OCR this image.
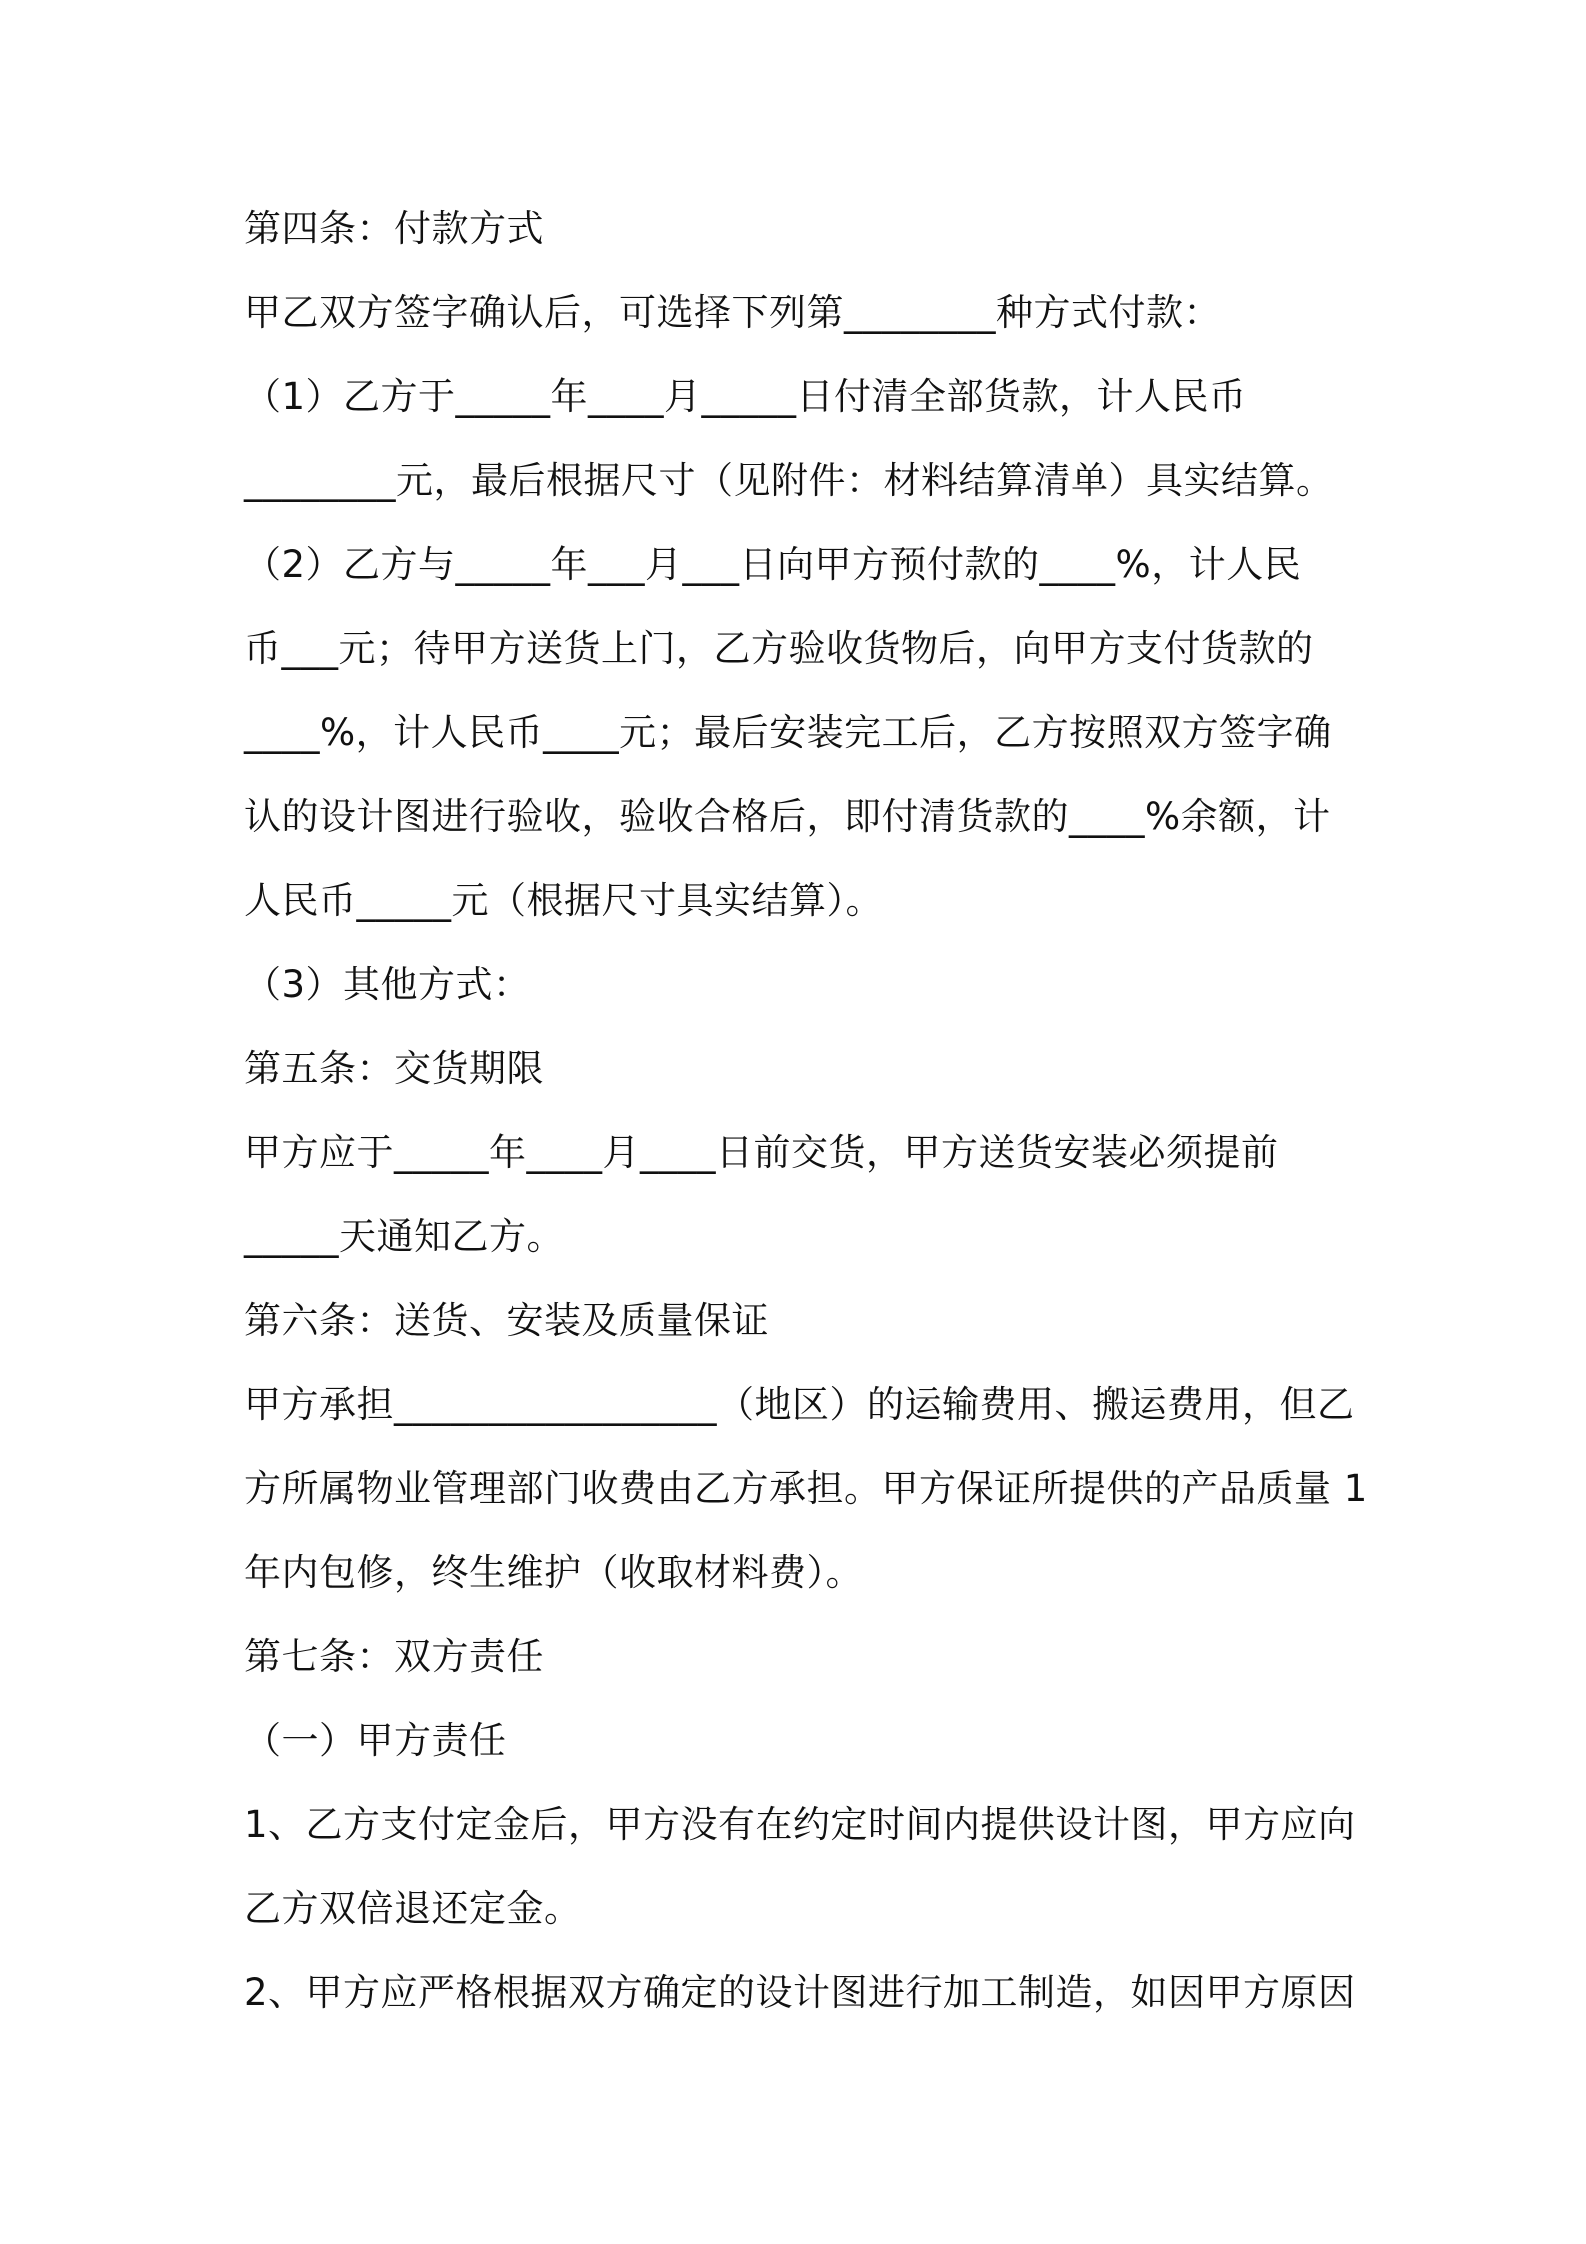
第四条：付款方式
甲乙双方签字确认后，可选择下列第________种方式付款：
（1）乙方于_____年____月_____日付清全部货款，计人民币
________元，最后根据尺寸（见附件：材料结算清单）具实结算。
（2）乙方与_____年___月___日向甲方预付款的____%，计人民
币___元；待甲方送货上门，乙方验收货物后，向甲方支付货款的
____%，计人民币____元；最后安装完工后，乙方按照双方签字确
认的设计图进行验收，验收合格后，即付清货款的____%余额，计
人民币_____元（根据尺寸具实结算）。
（3）其他方式：
第五条：交货期限
甲方应于_____年____月____日前交货，甲方送货安装必须提前
_____天通知乙方。
第六条：送货、安装及质量保证
甲方承担_________________（地区）的运输费用、搬运费用，但乙
方所属物业管理部门收费由乙方承担。甲方保证所提供的产品质量 1
年内包修，终生维护（收取材料费）。
第七条：双方责任
（一）甲方责任
1、乙方支付定金后，甲方没有在约定时间内提供设计图，甲方应向
乙方双倍退还定金。
2、甲方应严格根据双方确定的设计图进行加工制造，如因甲方原因
